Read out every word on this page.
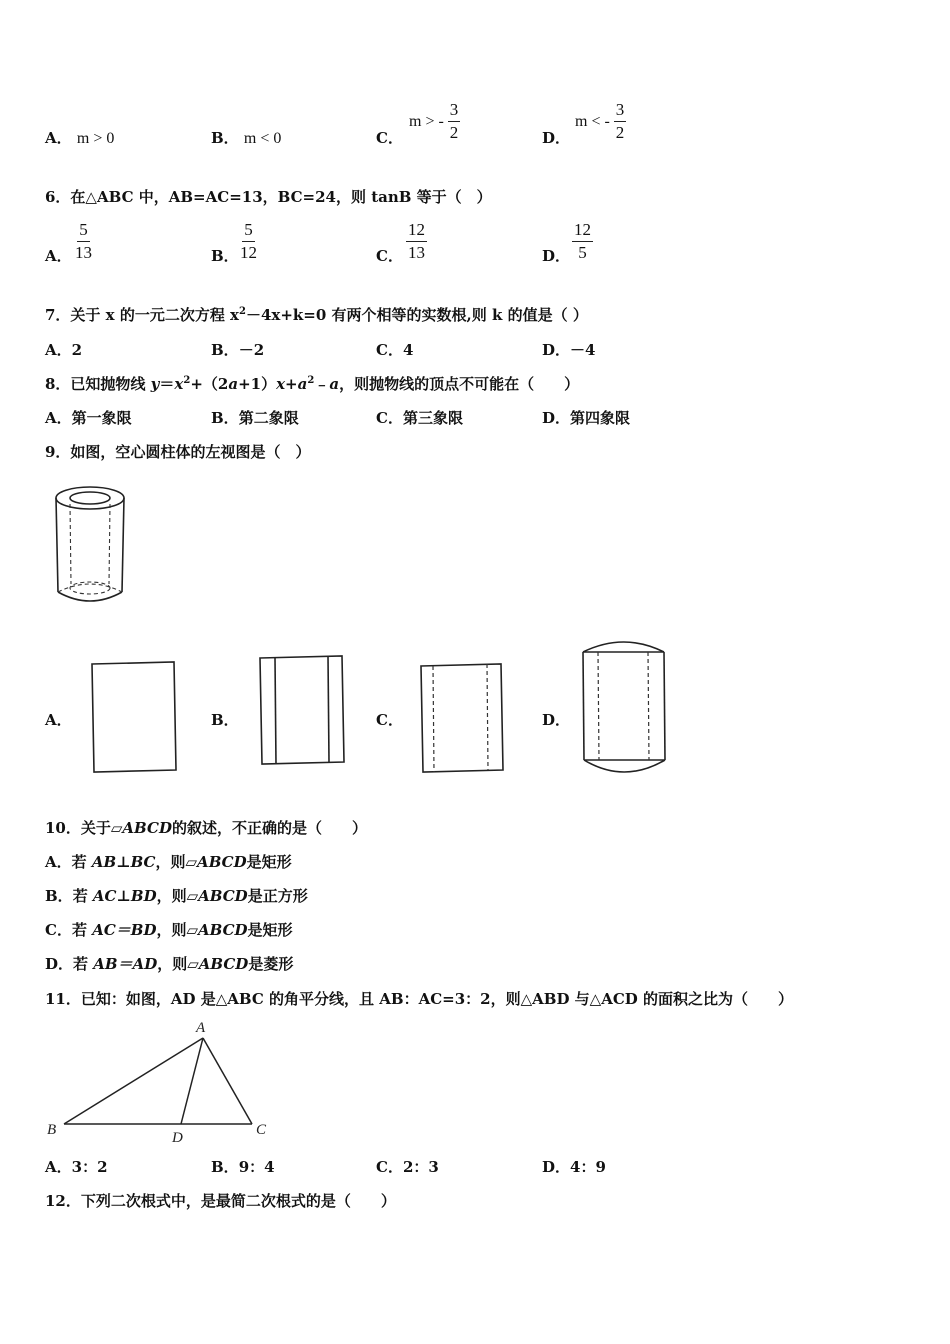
A． m > 0	B． m < 0	C．
m > - $\frac{3}{2}$	D．
m < - $\frac{3}{2}$
6．在△ABC 中，AB=AC=13，BC=24，则 tanB 等于（　）
A． $\frac{5}{13}$	B． $\frac{5}{12}$	C． $\frac{12}{13}$	D． $\frac{12}{5}$
7．关于 x 的一元二次方程 $x^2-4x+k=0$ 有两个相等的实数根,则 k 的值是（ ）
A．2	B．－2	C．4	D．－4
8．已知抛物线 $y=x^2+(2a+1)x+a^2﹣a$，则抛物线的顶点不可能在（　　）
A．第一象限	B．第二象限	C．第三象限	D．第四象限
9．如图，空心圆柱体的左视图是（　）
A．	B．	C．	D．
10．关于▱ABCD的叙述，不正确的是（　　）
A．若 AB⊥BC，则▱ABCD是矩形
B．若 AC⊥BD，则▱ABCD是正方形
C．若 AC＝BD，则▱ABCD是矩形
D．若 AB＝AD，则▱ABCD是菱形
11．已知：如图，AD 是△ABC 的角平分线，且 AB：AC=3：2，则△ABD 与△ACD 的面积之比为（　　）
A
B	C
D
A．3：2	B．9：4	C．2：3	D．4：9
12．下列二次根式中，是最简二次根式的是（　　）
